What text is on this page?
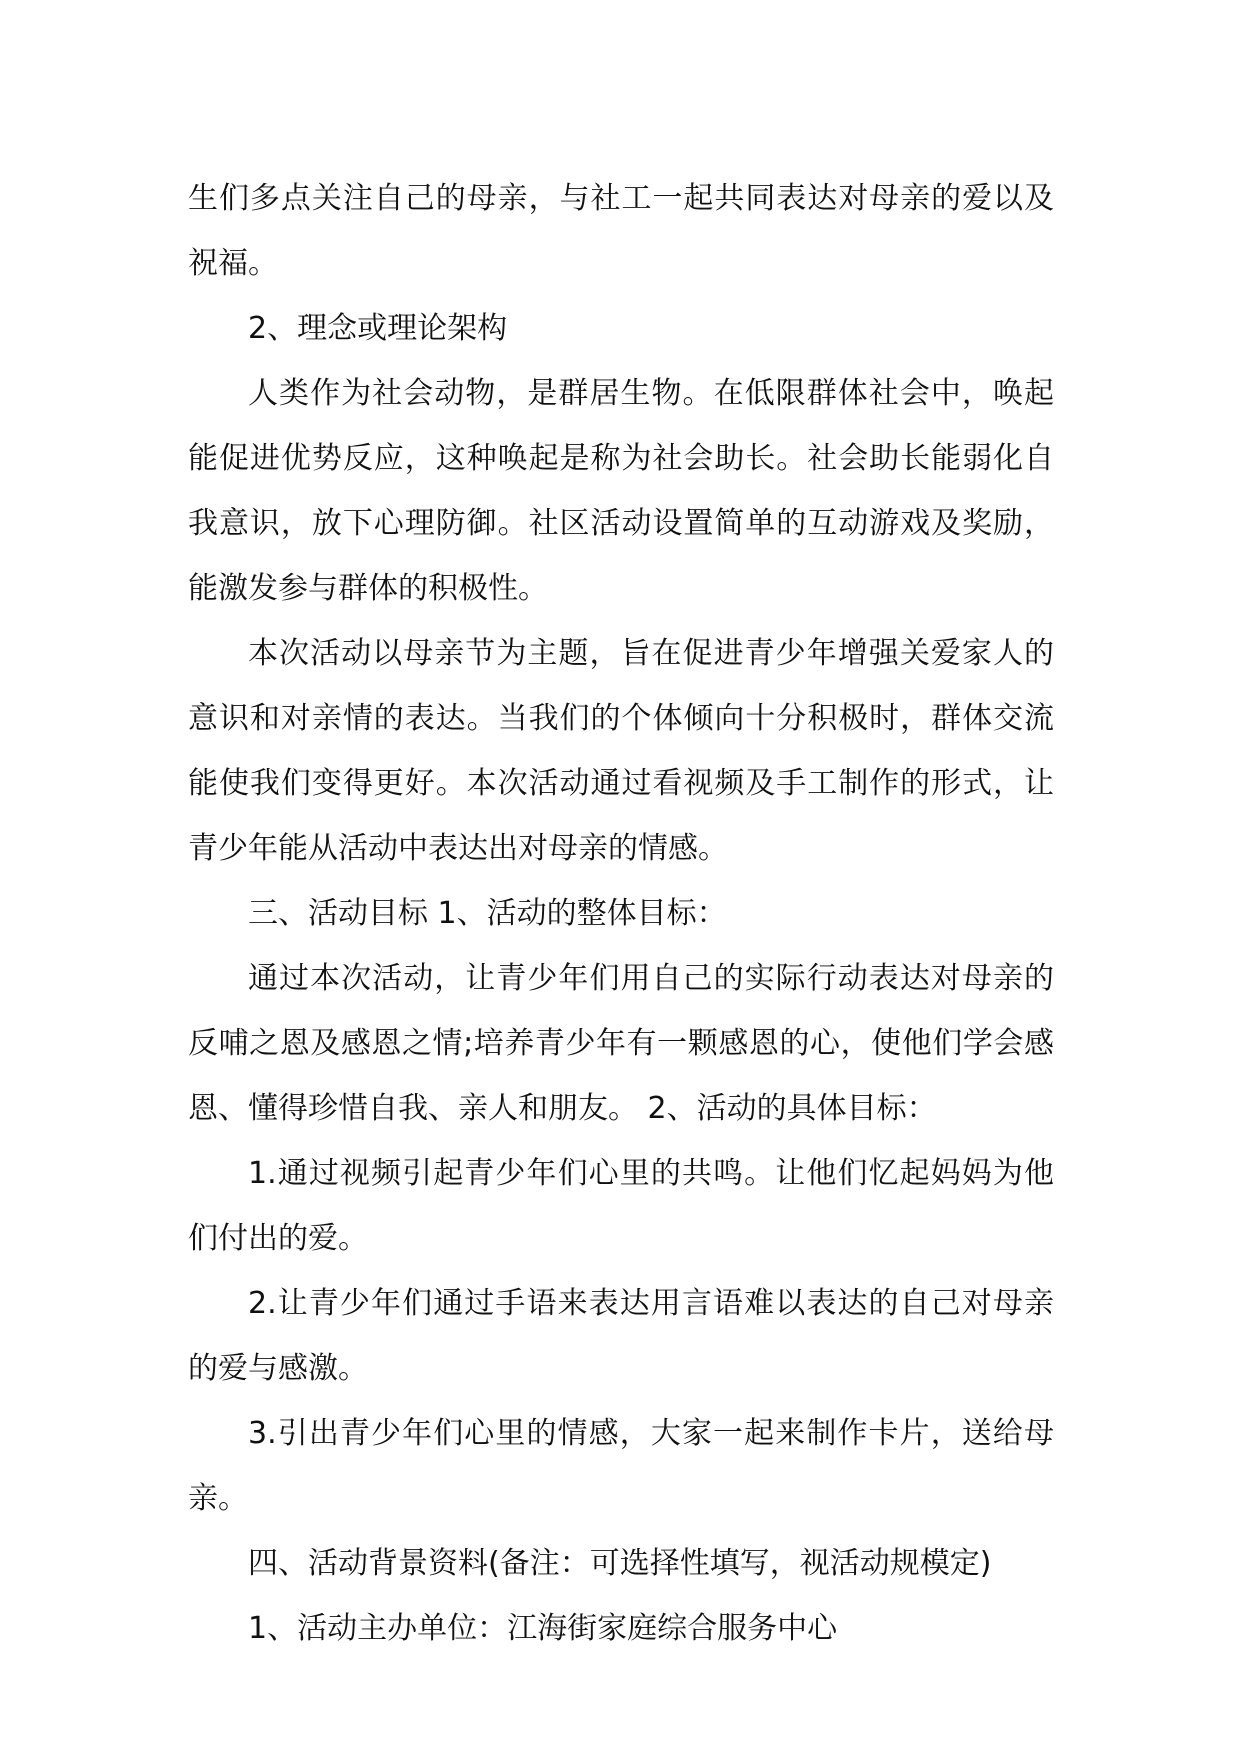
生们多点关注自己的母亲，与社工一起共同表达对母亲的爱以及祝福。

2、理念或理论架构

人类作为社会动物，是群居生物。在低限群体社会中，唤起能促进优势反应，这种唤起是称为社会助长。社会助长能弱化自我意识，放下心理防御。社区活动设置简单的互动游戏及奖励，能激发参与群体的积极性。

本次活动以母亲节为主题，旨在促进青少年增强关爱家人的意识和对亲情的表达。当我们的个体倾向十分积极时，群体交流能使我们变得更好。本次活动通过看视频及手工制作的形式，让青少年能从活动中表达出对母亲的情感。

三、活动目标 1、活动的整体目标：

通过本次活动，让青少年们用自己的实际行动表达对母亲的反哺之恩及感恩之情;培养青少年有一颗感恩的心，使他们学会感恩、懂得珍惜自我、亲人和朋友。 2、活动的具体目标：

1.通过视频引起青少年们心里的共鸣。让他们忆起妈妈为他们付出的爱。

2.让青少年们通过手语来表达用言语难以表达的自己对母亲的爱与感激。

3.引出青少年们心里的情感，大家一起来制作卡片，送给母亲。

四、活动背景资料(备注：可选择性填写，视活动规模定)

1、活动主办单位：江海街家庭综合服务中心
